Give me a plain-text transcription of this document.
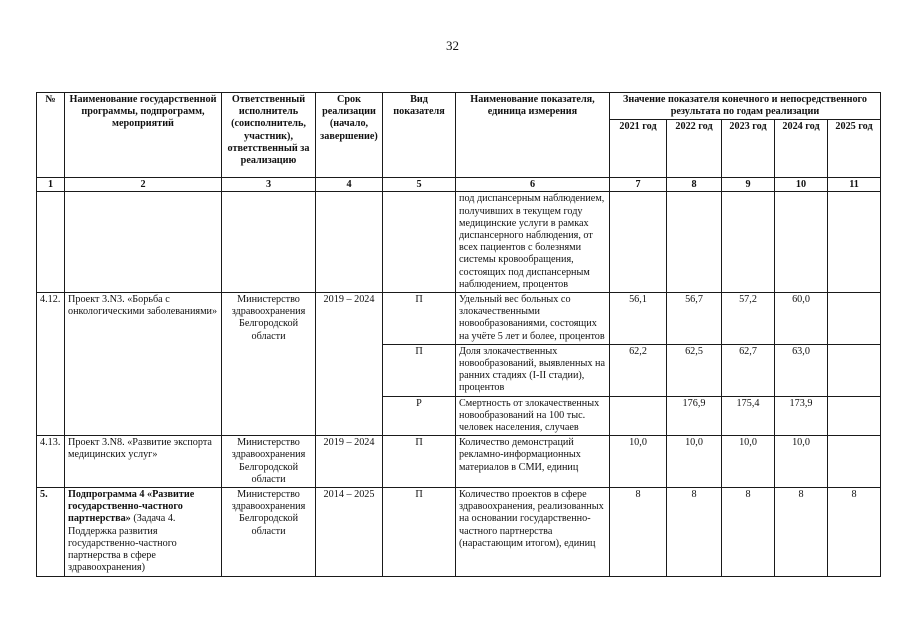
32
№	Наименование государственной программы, подпрограмм, мероприятий	Ответственный исполнитель (соисполнитель, участник), ответственный за реализацию	Срок реализации (начало, завершение)	Вид показателя	Наименование показателя, единица измерения	Значение показателя конечного и непосредственного результата по годам реализации				
						2021 год	2022 год	2023 год	2024 год	2025 год
1	2	3	4	5	6	7	8	9	10	11
					под диспансерным наблюдением, получивших в текущем году медицинские услуги в рамках диспансерного наблюдения, от всех пациентов с болезнями системы кровообращения, состоящих под диспансерным наблюдением, процентов					
4.12.	Проект 3.N3. «Борьба с онкологическими заболеваниями»	Министерство здравоохранения Белгородской области	2019 – 2024	П	Удельный вес больных со злокачественными новообразованиями, состоящих на учёте 5 лет и более, процентов	56,1	56,7	57,2	60,0	
				П	Доля злокачественных новообразований, выявленных на ранних стадиях (I-II стадии), процентов	62,2	62,5	62,7	63,0	
				Р	Смертность от злокачественных новообразований на 100 тыс. человек населения, случаев		176,9	175,4	173,9	
4.13.	Проект 3.N8. «Развитие экспорта медицинских услуг»	Министерство здравоохранения Белгородской области	2019 – 2024	П	Количество демонстраций рекламно-информационных материалов в СМИ, единиц	10,0	10,0	10,0	10,0	
5.	Подпрограмма 4 «Развитие государственно-частного партнерства» (Задача 4. Поддержка развития государственно-частного партнерства в сфере здравоохранения)	Министерство здравоохранения Белгородской области	2014 – 2025	П	Количество проектов в сфере здравоохранения, реализованных на основании государственно-частного партнерства (нарастающим итогом), единиц	8	8	8	8	8
